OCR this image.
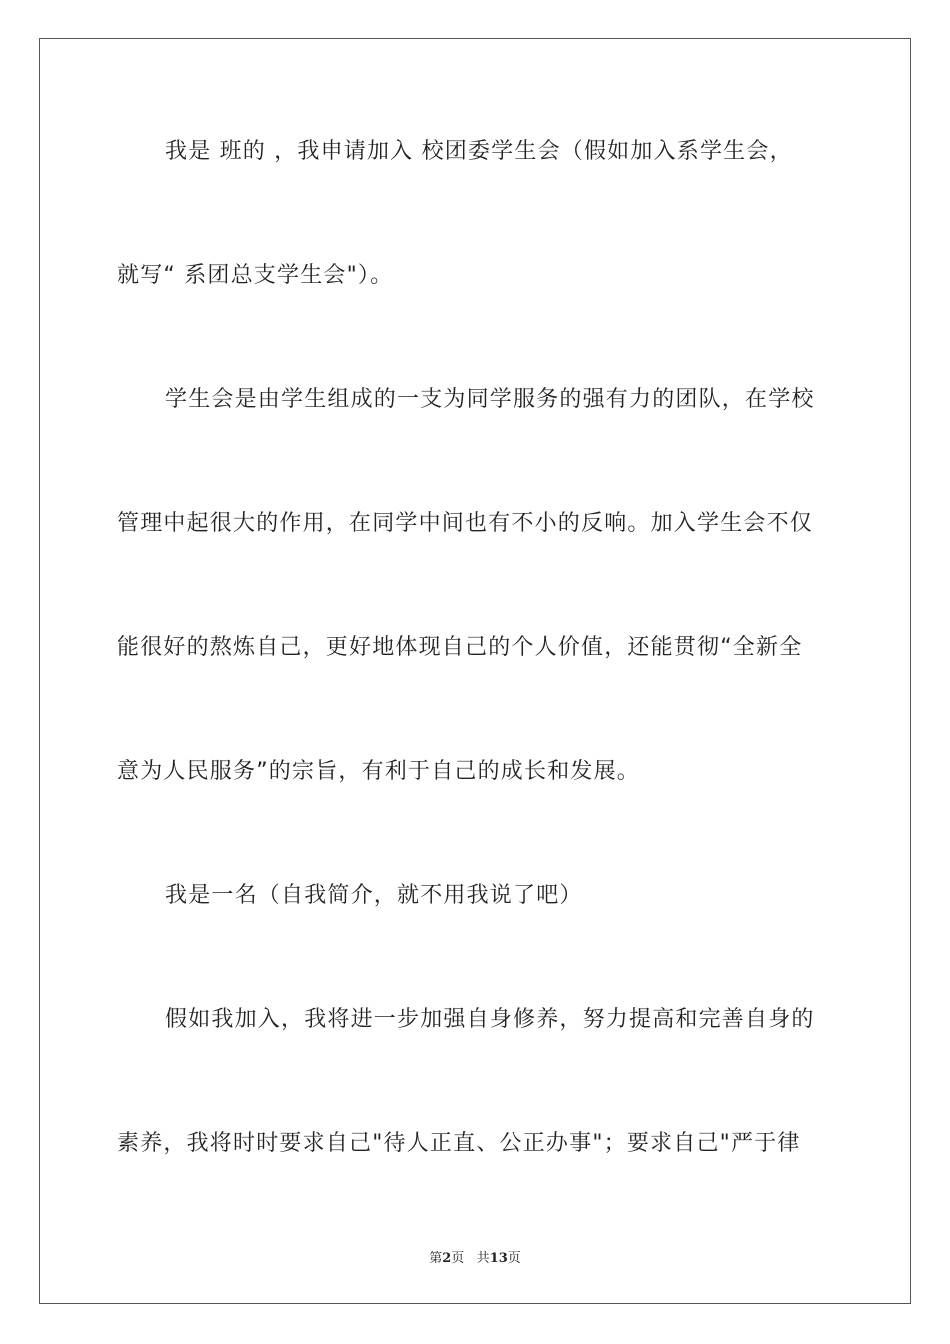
我是 班的 ，我申请加入 校团委学生会（假如加入系学生会，
就写“ 系团总支学生会"）。
学生会是由学生组成的一支为同学服务的强有力的团队，在学校
管理中起很大的作用，在同学中间也有不小的反响。加入学生会不仅
能很好的熬炼自己，更好地体现自己的个人价值，还能贯彻“全新全
意为人民服务”的宗旨，有利于自己的成长和发展。
我是一名（自我简介，就不用我说了吧）
假如我加入，我将进一步加强自身修养，努力提高和完善自身的
素养，我将时时要求自己"待人正直、公正办事"；要求自己"严于律
第2页 共13页
